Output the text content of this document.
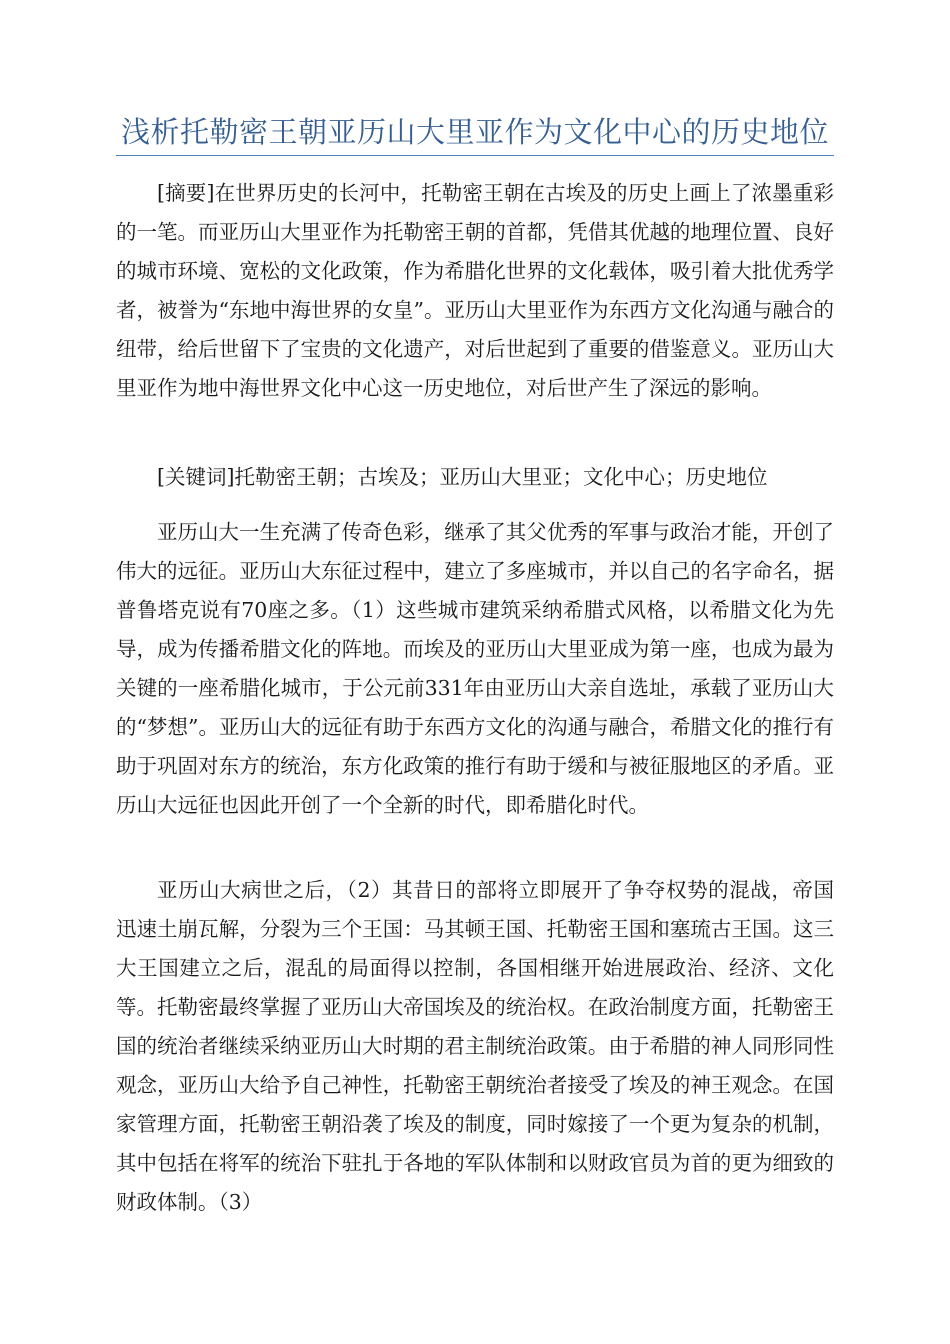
浅析托勒密王朝亚历山大里亚作为文化中心的历史地位

[摘要]在世界历史的长河中，托勒密王朝在古埃及的历史上画上了浓墨重彩的一笔。而亚历山大里亚作为托勒密王朝的首都，凭借其优越的地理位置、良好的城市环境、宽松的文化政策，作为希腊化世界的文化载体，吸引着大批优秀学者，被誉为“东地中海世界的女皇”。亚历山大里亚作为东西方文化沟通与融合的纽带，给后世留下了宝贵的文化遗产，对后世起到了重要的借鉴意义。亚历山大里亚作为地中海世界文化中心这一历史地位，对后世产生了深远的影响。

[关键词]托勒密王朝；古埃及；亚历山大里亚；文化中心；历史地位

亚历山大一生充满了传奇色彩，继承了其父优秀的军事与政治才能，开创了伟大的远征。亚历山大东征过程中，建立了多座城市，并以自己的名字命名，据普鲁塔克说有70座之多。（1）这些城市建筑采纳希腊式风格，以希腊文化为先导，成为传播希腊文化的阵地。而埃及的亚历山大里亚成为第一座，也成为最为关键的一座希腊化城市，于公元前331年由亚历山大亲自选址，承载了亚历山大的“梦想”。亚历山大的远征有助于东西方文化的沟通与融合，希腊文化的推行有助于巩固对东方的统治，东方化政策的推行有助于缓和与被征服地区的矛盾。亚历山大远征也因此开创了一个全新的时代，即希腊化时代。

亚历山大病世之后，（2）其昔日的部将立即展开了争夺权势的混战，帝国迅速土崩瓦解，分裂为三个王国：马其顿王国、托勒密王国和塞琉古王国。这三大王国建立之后，混乱的局面得以控制，各国相继开始进展政治、经济、文化等。托勒密最终掌握了亚历山大帝国埃及的统治权。在政治制度方面，托勒密王国的统治者继续采纳亚历山大时期的君主制统治政策。由于希腊的神人同形同性观念，亚历山大给予自己神性，托勒密王朝统治者接受了埃及的神王观念。在国家管理方面，托勒密王朝沿袭了埃及的制度，同时嫁接了一个更为复杂的机制，其中包括在将军的统治下驻扎于各地的军队体制和以财政官员为首的更为细致的财政体制。（3）
